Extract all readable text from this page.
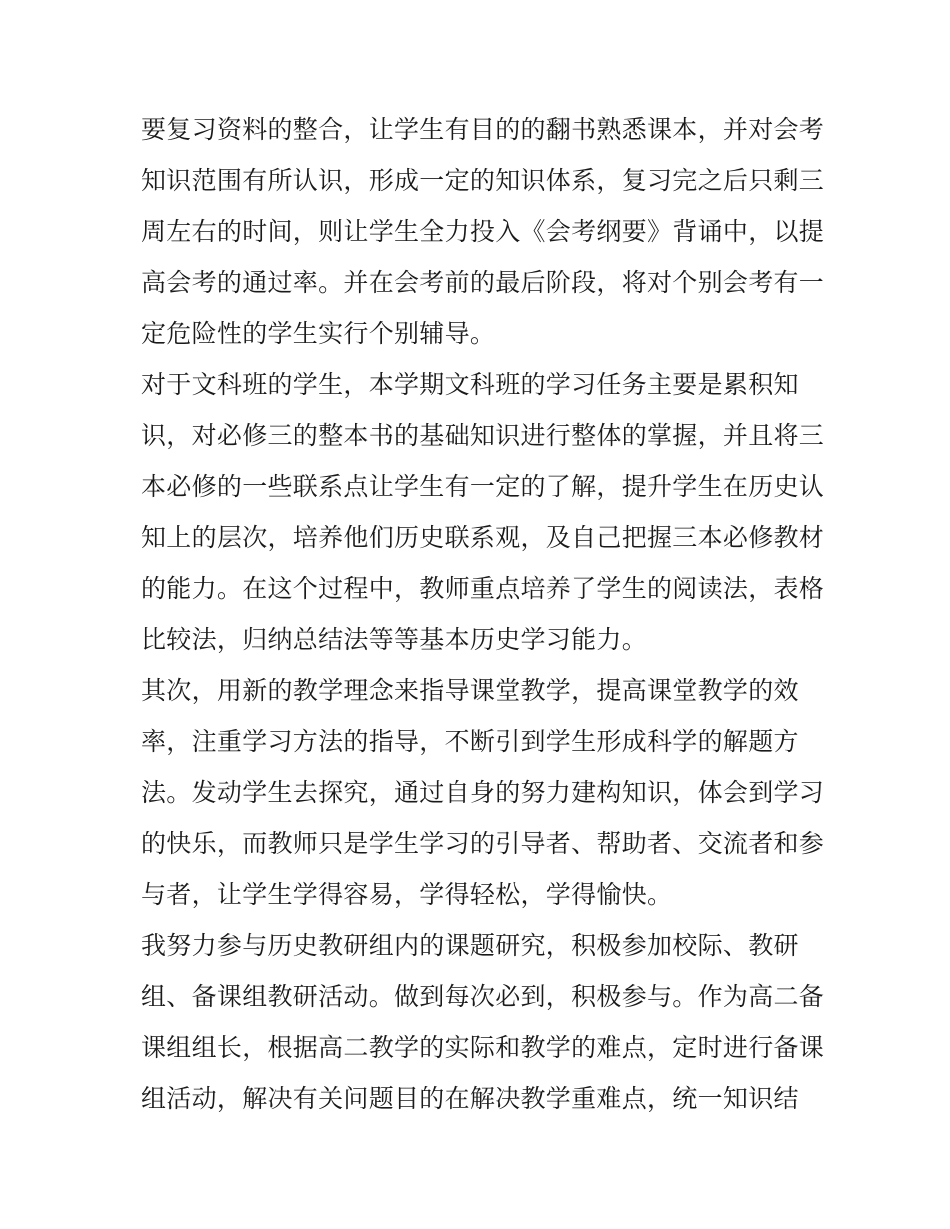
要复习资料的整合，让学生有目的的翻书熟悉课本，并对会考
知识范围有所认识，形成一定的知识体系，复习完之后只剩三
周左右的时间，则让学生全力投入《会考纲要》背诵中，以提
高会考的通过率。并在会考前的最后阶段，将对个别会考有一
定危险性的学生实行个别辅导。
对于文科班的学生，本学期文科班的学习任务主要是累积知
识，对必修三的整本书的基础知识进行整体的掌握，并且将三
本必修的一些联系点让学生有一定的了解，提升学生在历史认
知上的层次，培养他们历史联系观，及自己把握三本必修教材
的能力。在这个过程中，教师重点培养了学生的阅读法，表格
比较法，归纳总结法等等基本历史学习能力。
其次，用新的教学理念来指导课堂教学，提高课堂教学的效
率，注重学习方法的指导，不断引到学生形成科学的解题方
法。发动学生去探究，通过自身的努力建构知识，体会到学习
的快乐，而教师只是学生学习的引导者、帮助者、交流者和参
与者，让学生学得容易，学得轻松，学得愉快。
我努力参与历史教研组内的课题研究，积极参加校际、教研
组、备课组教研活动。做到每次必到，积极参与。作为高二备
课组组长，根据高二教学的实际和教学的难点，定时进行备课
组活动，解决有关问题目的在解决教学重难点，统一知识结
